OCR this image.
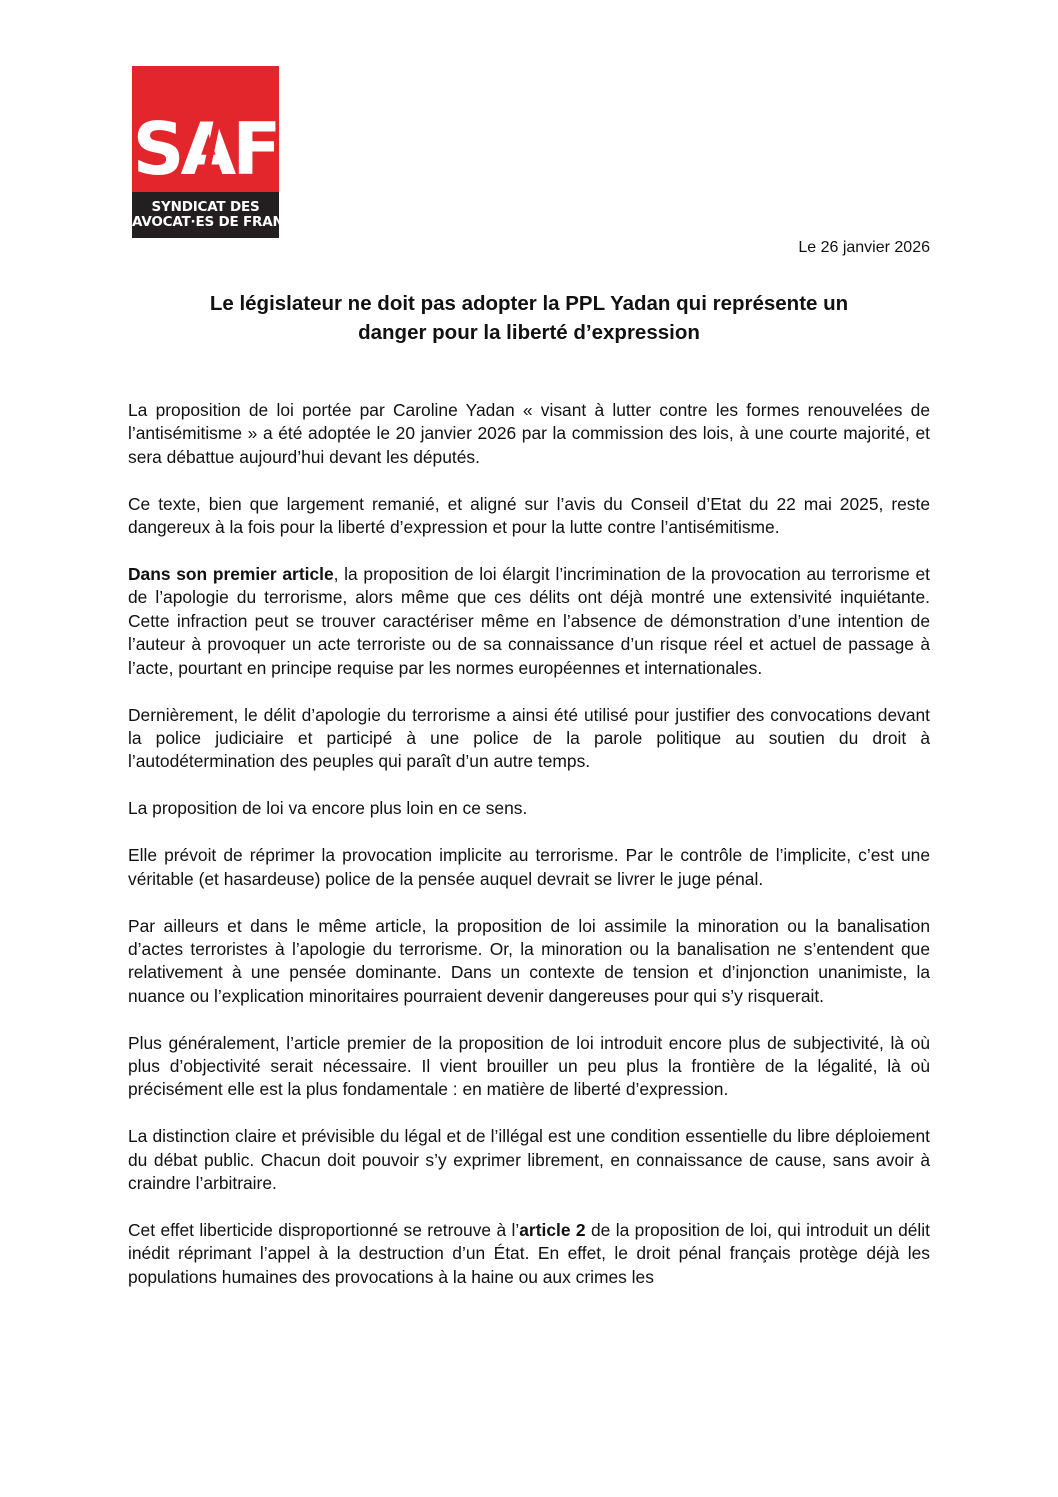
SAF
SYNDICAT DES
AVOCAT·ES DE FRANCE
Le 26 janvier 2026
Le législateur ne doit pas adopter la PPL Yadan qui représente un
danger pour la liberté d’expression

La proposition de loi portée par Caroline Yadan « visant à lutter contre les formes renouvelées de l’antisémitisme » a été adoptée le 20 janvier 2026 par la commission des lois, à une courte majorité, et sera débattue aujourd’hui devant les députés.

Ce texte, bien que largement remanié, et aligné sur l’avis du Conseil d’Etat du 22 mai 2025, reste dangereux à la fois pour la liberté d’expression et pour la lutte contre l’antisémitisme.

Dans son premier article, la proposition de loi élargit l’incrimination de la provocation au terrorisme et de l’apologie du terrorisme, alors même que ces délits ont déjà montré une extensivité inquiétante. Cette infraction peut se trouver caractériser même en l’absence de démonstration d’une intention de l’auteur à provoquer un acte terroriste ou de sa connaissance d’un risque réel et actuel de passage à l’acte, pourtant en principe requise par les normes européennes et internationales.

Dernièrement, le délit d’apologie du terrorisme a ainsi été utilisé pour justifier des convocations devant la police judiciaire et participé à une police de la parole politique au soutien du droit à l’autodétermination des peuples qui paraît d’un autre temps.

La proposition de loi va encore plus loin en ce sens.

Elle prévoit de réprimer la provocation implicite au terrorisme. Par le contrôle de l’implicite, c’est une véritable (et hasardeuse) police de la pensée auquel devrait se livrer le juge pénal.

Par ailleurs et dans le même article, la proposition de loi assimile la minoration ou la banalisation d’actes terroristes à l’apologie du terrorisme. Or, la minoration ou la banalisation ne s’entendent que relativement à une pensée dominante. Dans un contexte de tension et d’injonction unanimiste, la nuance ou l’explication minoritaires pourraient devenir dangereuses pour qui s’y risquerait.

Plus généralement, l’article premier de la proposition de loi introduit encore plus de subjectivité, là où plus d’objectivité serait nécessaire. Il vient brouiller un peu plus la frontière de la légalité, là où précisément elle est la plus fondamentale : en matière de liberté d’expression.

La distinction claire et prévisible du légal et de l’illégal est une condition essentielle du libre déploiement du débat public. Chacun doit pouvoir s’y exprimer librement, en connaissance de cause, sans avoir à craindre l’arbitraire.

Cet effet liberticide disproportionné se retrouve à l’article 2 de la proposition de loi, qui introduit un délit inédit réprimant l’appel à la destruction d’un État. En effet, le droit pénal français protège déjà les populations humaines des provocations à la haine ou aux crimes les
